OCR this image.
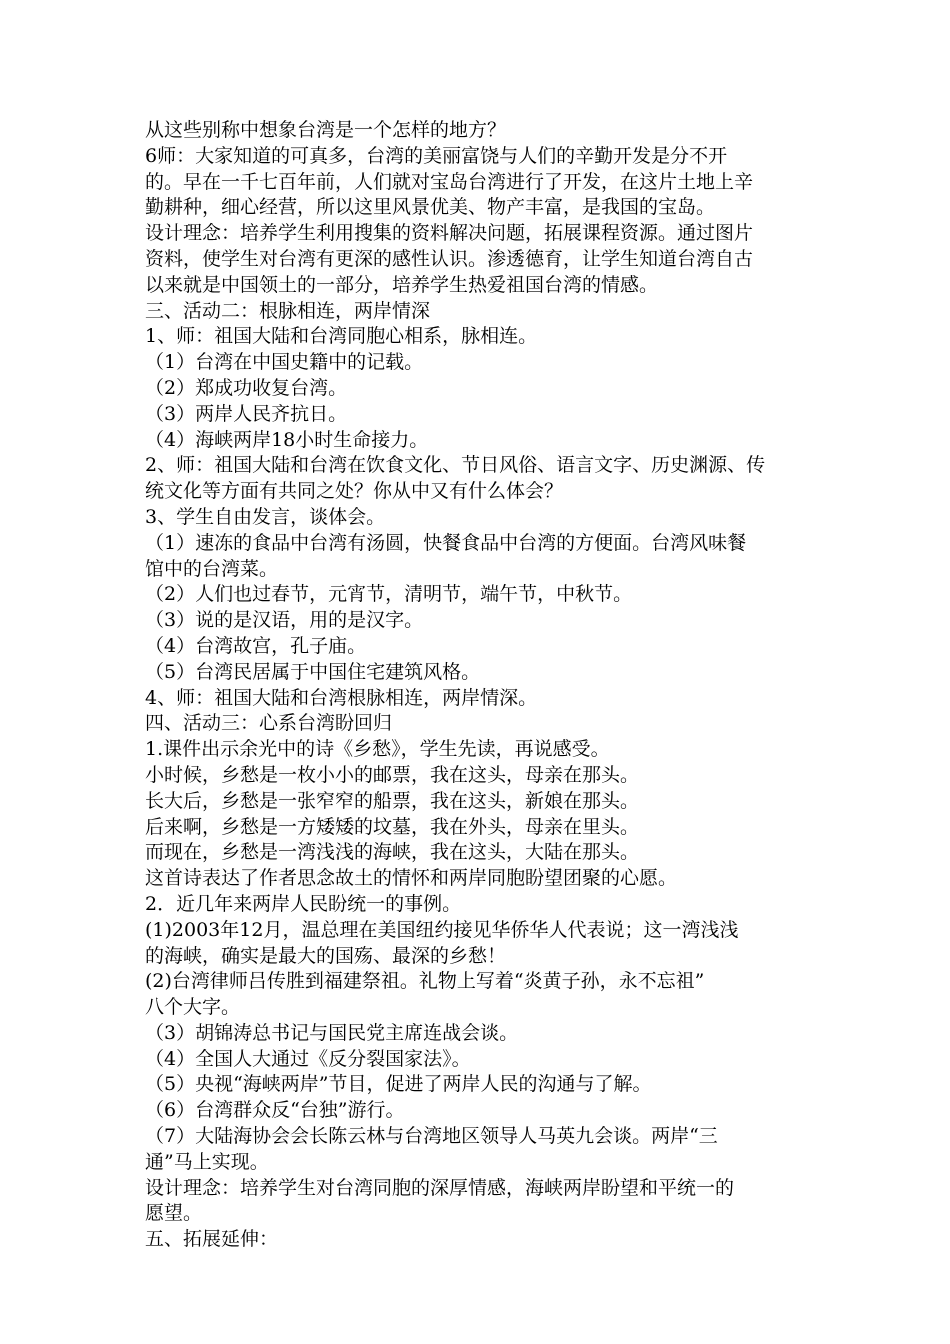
从这些别称中想象台湾是一个怎样的地方？
6师：大家知道的可真多，台湾的美丽富饶与人们的辛勤开发是分不开
的。早在一千七百年前，人们就对宝岛台湾进行了开发，在这片土地上辛
勤耕种，细心经营，所以这里风景优美、物产丰富，是我国的宝岛。
设计理念：培养学生利用搜集的资料解决问题，拓展课程资源。通过图片
资料，使学生对台湾有更深的感性认识。渗透德育，让学生知道台湾自古
以来就是中国领土的一部分，培养学生热爱祖国台湾的情感。
三、活动二：根脉相连，两岸情深
1、师：祖国大陆和台湾同胞心相系，脉相连。
（1）台湾在中国史籍中的记载。
（2）郑成功收复台湾。
（3）两岸人民齐抗日。
（4）海峡两岸18小时生命接力。
2、师：祖国大陆和台湾在饮食文化、节日风俗、语言文字、历史渊源、传
统文化等方面有共同之处？你从中又有什么体会？
3、学生自由发言，谈体会。
（1）速冻的食品中台湾有汤圆，快餐食品中台湾的方便面。台湾风味餐
馆中的台湾菜。
（2）人们也过春节，元宵节，清明节，端午节，中秋节。
（3）说的是汉语，用的是汉字。
（4）台湾故宫，孔子庙。
（5）台湾民居属于中国住宅建筑风格。
4、师：祖国大陆和台湾根脉相连，两岸情深。
四、活动三：心系台湾盼回归
1.课件出示余光中的诗《乡愁》，学生先读，再说感受。
小时候，乡愁是一枚小小的邮票，我在这头，母亲在那头。
长大后，乡愁是一张窄窄的船票，我在这头，新娘在那头。
后来啊，乡愁是一方矮矮的坟墓，我在外头，母亲在里头。
而现在，乡愁是一湾浅浅的海峡，我在这头，大陆在那头。
这首诗表达了作者思念故土的情怀和两岸同胞盼望团聚的心愿。
2．近几年来两岸人民盼统一的事例。
(1)2003年12月，温总理在美国纽约接见华侨华人代表说；这一湾浅浅
的海峡，确实是最大的国殇、最深的乡愁！
(2)台湾律师吕传胜到福建祭祖。礼物上写着“炎黄子孙，永不忘祖”
八个大字。
（3）胡锦涛总书记与国民党主席连战会谈。
（4）全国人大通过《反分裂国家法》。
（5）央视“海峡两岸”节目，促进了两岸人民的沟通与了解。
（6）台湾群众反“台独”游行。
（7）大陆海协会会长陈云林与台湾地区领导人马英九会谈。两岸“三
通”马上实现。
设计理念：培养学生对台湾同胞的深厚情感，海峡两岸盼望和平统一的
愿望。
五、拓展延伸：
